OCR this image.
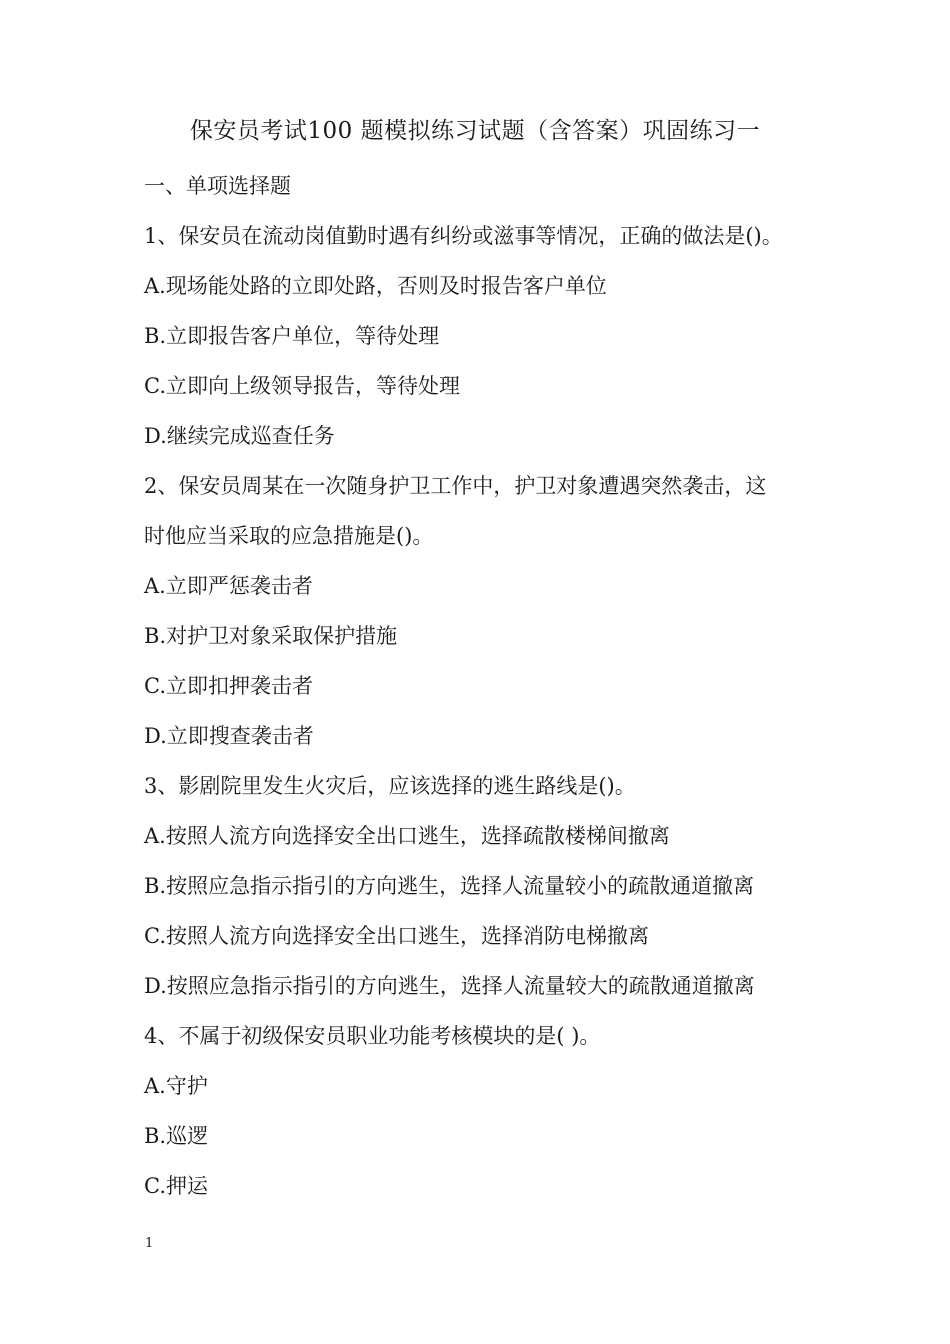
保安员考试100 题模拟练习试题（含答案）巩固练习一
一、单项选择题
1、保安员在流动岗值勤时遇有纠纷或滋事等情况，正确的做法是()。
A.现场能处路的立即处路，否则及时报告客户单位
B.立即报告客户单位，等待处理
C.立即向上级领导报告，等待处理
D.继续完成巡查任务
2、保安员周某在一次随身护卫工作中，护卫对象遭遇突然袭击，这
时他应当采取的应急措施是()。
A.立即严惩袭击者
B.对护卫对象采取保护措施
C.立即扣押袭击者
D.立即搜查袭击者
3、影剧院里发生火灾后，应该选择的逃生路线是()。
A.按照人流方向选择安全出口逃生，选择疏散楼梯间撤离
B.按照应急指示指引的方向逃生，选择人流量较小的疏散通道撤离
C.按照人流方向选择安全出口逃生，选择消防电梯撤离
D.按照应急指示指引的方向逃生，选择人流量较大的疏散通道撤离
4、不属于初级保安员职业功能考核模块的是( )。
A.守护
B.巡逻
C.押运
1
